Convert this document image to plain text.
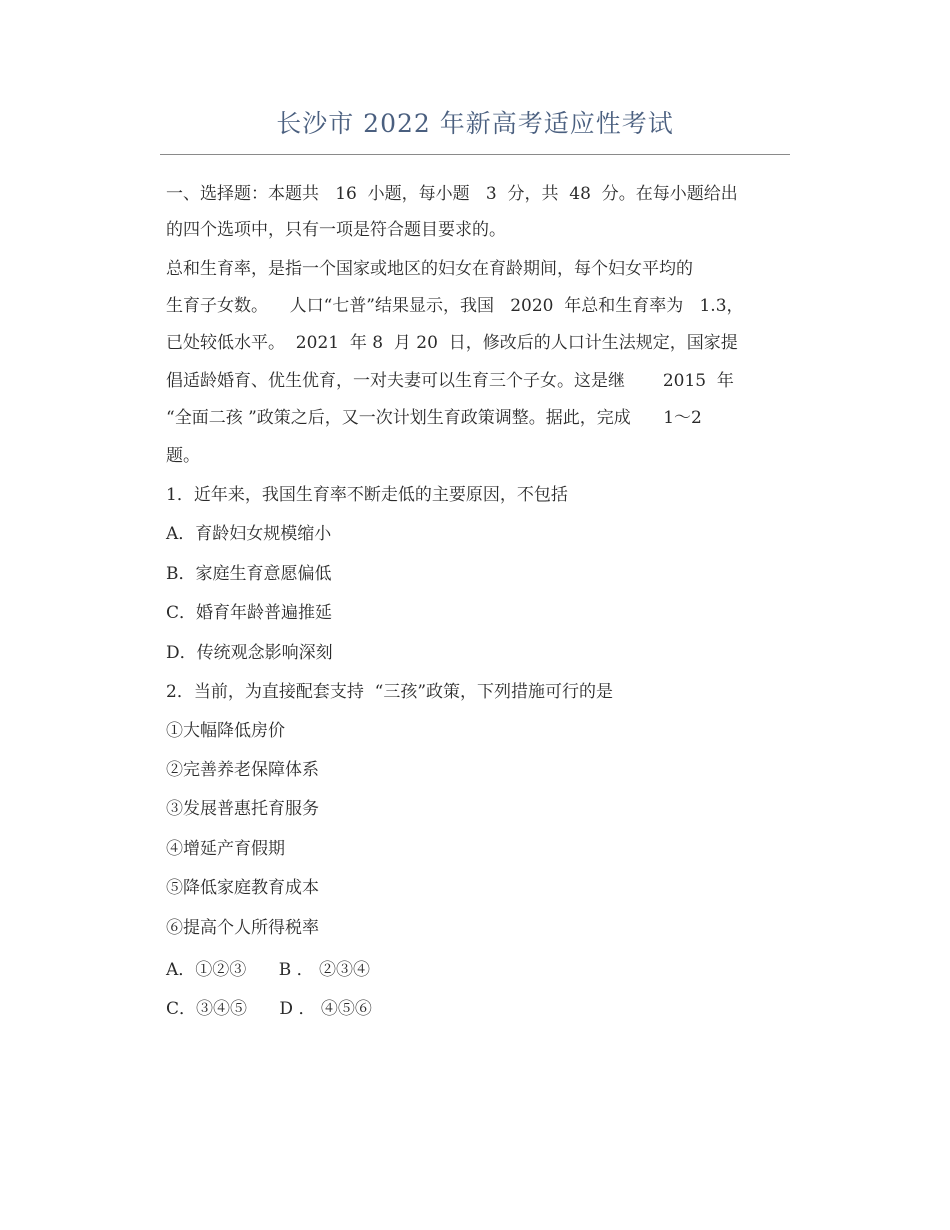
长沙市 2022 年新高考适应性考试
一、选择题：本题共   16  小题，每小题   3  分，共  48  分。在每小题给出
的四个选项中，只有一项是符合题目要求的。
总和生育率，是指一个国家或地区的妇女在育龄期间，每个妇女平均的
生育子女数。    人口“七普”结果显示，我国   2020  年总和生育率为   1.3，
已处较低水平。  2021  年 8  月 20  日，修改后的人口计生法规定，国家提
倡适龄婚育、优生优育，一对夫妻可以生育三个子女。这是继       2015  年
“全面二孩 ”政策之后，又一次计划生育政策调整。据此，完成      1～2
题。
1．近年来，我国生育率不断走低的主要原因，不包括
A．育龄妇女规模缩小
B．家庭生育意愿偏低
C．婚育年龄普遍推延
D．传统观念影响深刻
2．当前，为直接配套支持  “三孩”政策，下列措施可行的是
①大幅降低房价
②完善养老保障体系
③发展普惠托育服务
④增延产育假期
⑤降低家庭教育成本
⑥提高个人所得税率
A．①②③      B ． ②③④
C．③④⑤      D ． ④⑤⑥
